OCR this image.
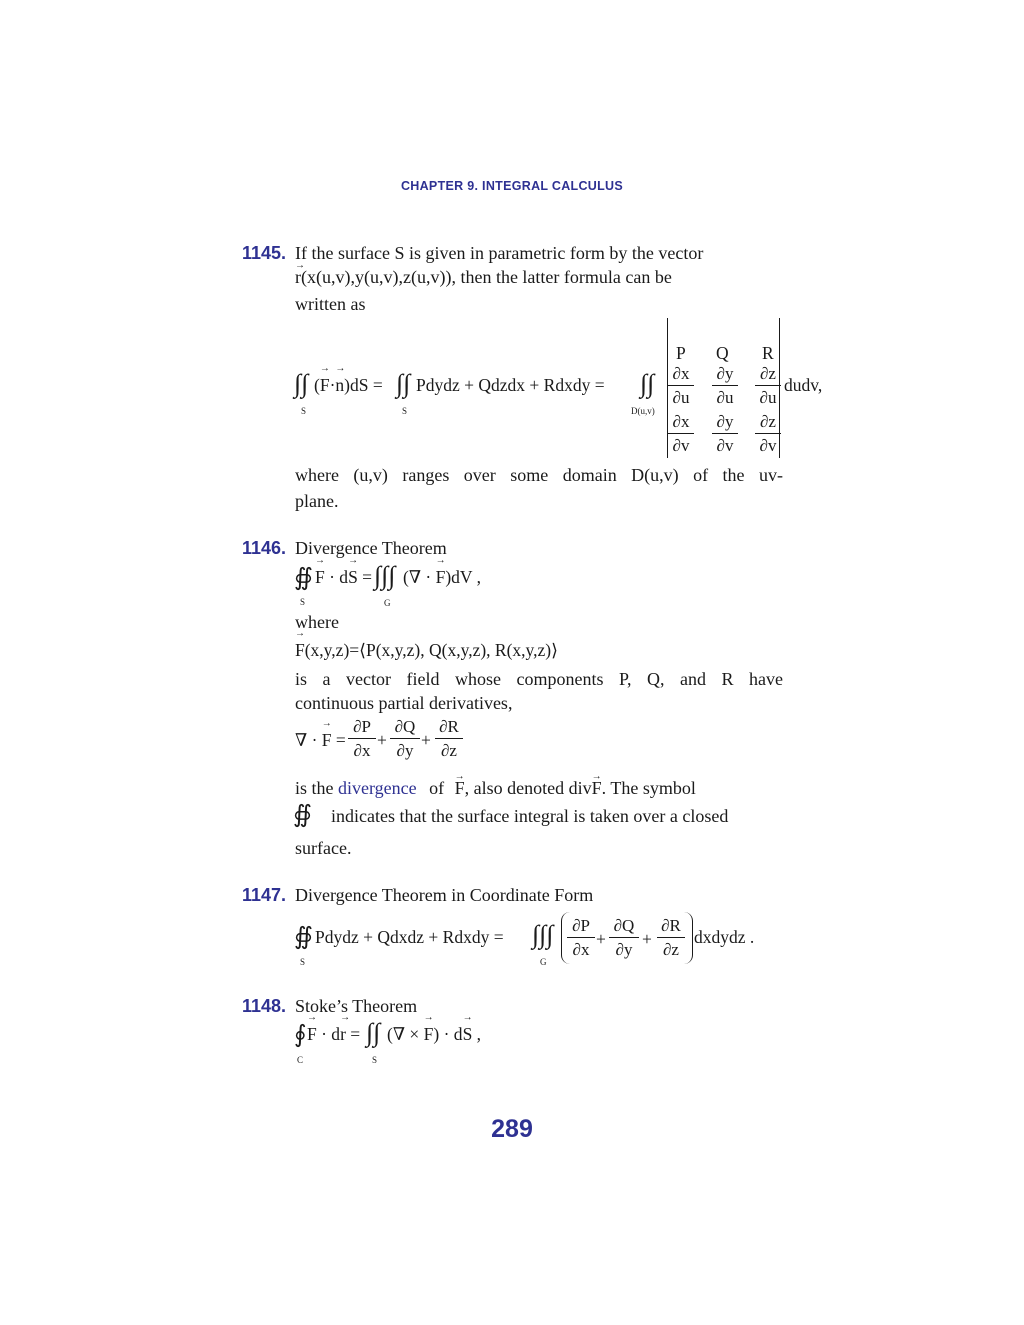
CHAPTER 9. INTEGRAL CALCULUS
1145. If the surface S is given in parametric form by the vector
→ r(x(u,v),y(u,v),z(u,v)), then the latter formula can be
written as
∫∫
S
(→ F·→ n)dS = ∫∫
S
Pdydz + Qdzdx + Rdxdy = ∫∫
D(u,v)
P Q R
∂x
∂u
∂y
∂u
∂z
∂u
∂x
∂v
∂y
∂v
∂z
∂v
dudv,
where (u,v) ranges over some domain D(u,v) of the uv-
plane.
1146. Divergence Theorem
∯
S
→ F · d→ S = ∫∫∫
G
(∇ · → F)dV ,
where
→ F(x,y,z)=⟨P(x,y,z), Q(x,y,z), R(x,y,z)⟩
is a vector field whose components P, Q, and R have
continuous partial derivatives,
∇ · → F =
∂P
∂x
+
∂Q
∂y
+
∂R
∂z
is the divergence of → F, also denoted div→ F. The symbol
∯ indicates that the surface integral is taken over a closed
surface.
1147. Divergence Theorem in Coordinate Form
∯
S
Pdydz + Qdxdz + Rdxdy = ∫∫∫
G
∂P
∂x
+
∂Q
∂y
+
∂R
∂z
dxdydz .
1148. Stoke’s Theorem
∮
C
→ F · d→ r = ∫∫
S
(∇ × → F) · d→ S ,
289
